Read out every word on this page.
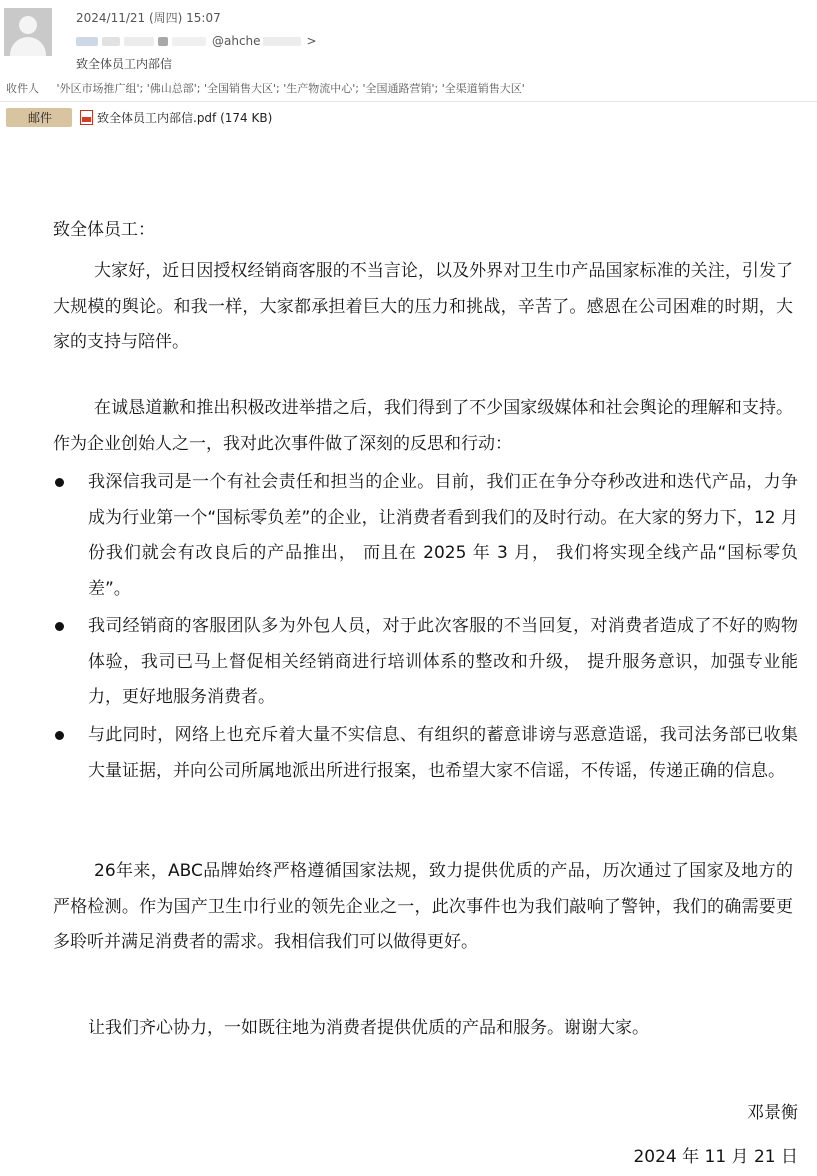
2024/11/21 (周四) 15:07
@ahche	>
致全体员工内部信
收件人 '外区市场推广组'; '佛山总部'; '全国销售大区'; '生产物流中心'; '全国通路营销'; '全渠道销售大区'
邮件	致全体员工内部信.pdf (174 KB)
致全体员工：
大家好，近日因授权经销商客服的不当言论，以及外界对卫生巾产品国家标准的关注，引发了大规模的舆论。和我一样，大家都承担着巨大的压力和挑战，辛苦了。感恩在公司困难的时期，大家的支持与陪伴。
在诚恳道歉和推出积极改进举措之后，我们得到了不少国家级媒体和社会舆论的理解和支持。作为企业创始人之一，我对此次事件做了深刻的反思和行动：
我深信我司是一个有社会责任和担当的企业。目前，我们正在争分夺秒改进和迭代产品，力争成为行业第一个“国标零负差”的企业，让消费者看到我们的及时行动。在大家的努力下，12 月份我们就会有改良后的产品推出， 而且在 2025 年 3 月， 我们将实现全线产品“国标零负差”。
我司经销商的客服团队多为外包人员，对于此次客服的不当回复，对消费者造成了不好的购物体验，我司已马上督促相关经销商进行培训体系的整改和升级， 提升服务意识，加强专业能力，更好地服务消费者。
与此同时，网络上也充斥着大量不实信息、有组织的蓄意诽谤与恶意造谣，我司法务部已收集大量证据，并向公司所属地派出所进行报案，也希望大家不信谣，不传谣，传递正确的信息。
26年来，ABC品牌始终严格遵循国家法规，致力提供优质的产品，历次通过了国家及地方的严格检测。作为国产卫生巾行业的领先企业之一，此次事件也为我们敲响了警钟，我们的确需要更多聆听并满足消费者的需求。我相信我们可以做得更好。
让我们齐心协力，一如既往地为消费者提供优质的产品和服务。谢谢大家。
邓景衡
2024 年 11 月 21 日
